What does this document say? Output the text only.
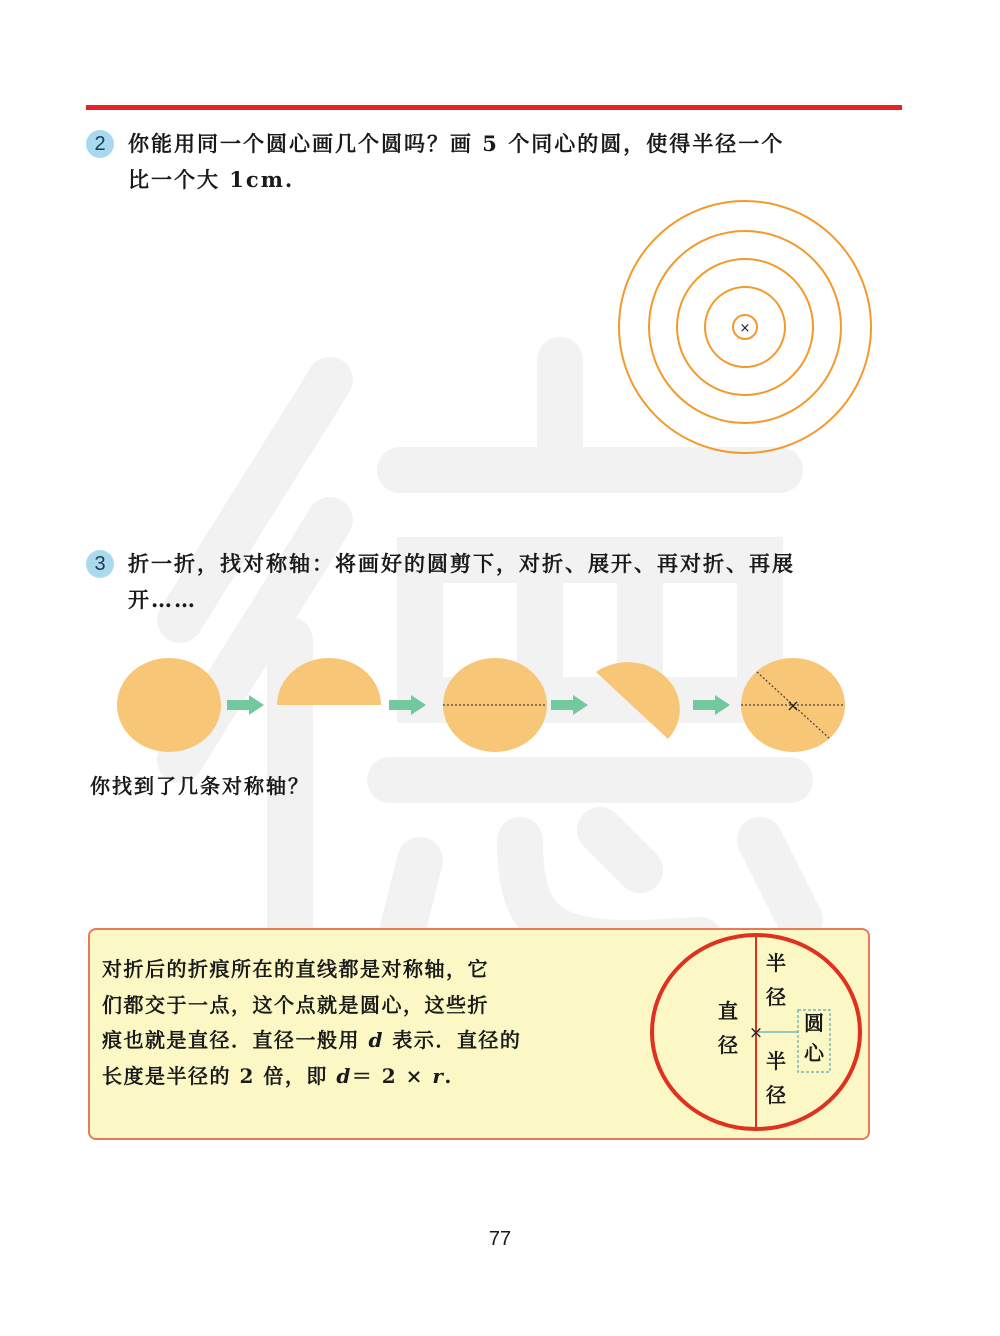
2	你能用同一个圆心画几个圆吗？画 5 个同心的圆，使得半径一个
比一个大 1cm.
×
3	折一折，找对称轴：将画好的圆剪下，对折、展开、再对折、再展
开……
×
你找到了几条对称轴？
对折后的折痕所在的直线都是对称轴，它
们都交于一点，这个点就是圆心，这些折
痕也就是直径．直径一般用 d 表示．直径的
长度是半径的 2 倍，即 d＝ 2 × r.
×
直
径
半
径
半
径
圆
心
77
